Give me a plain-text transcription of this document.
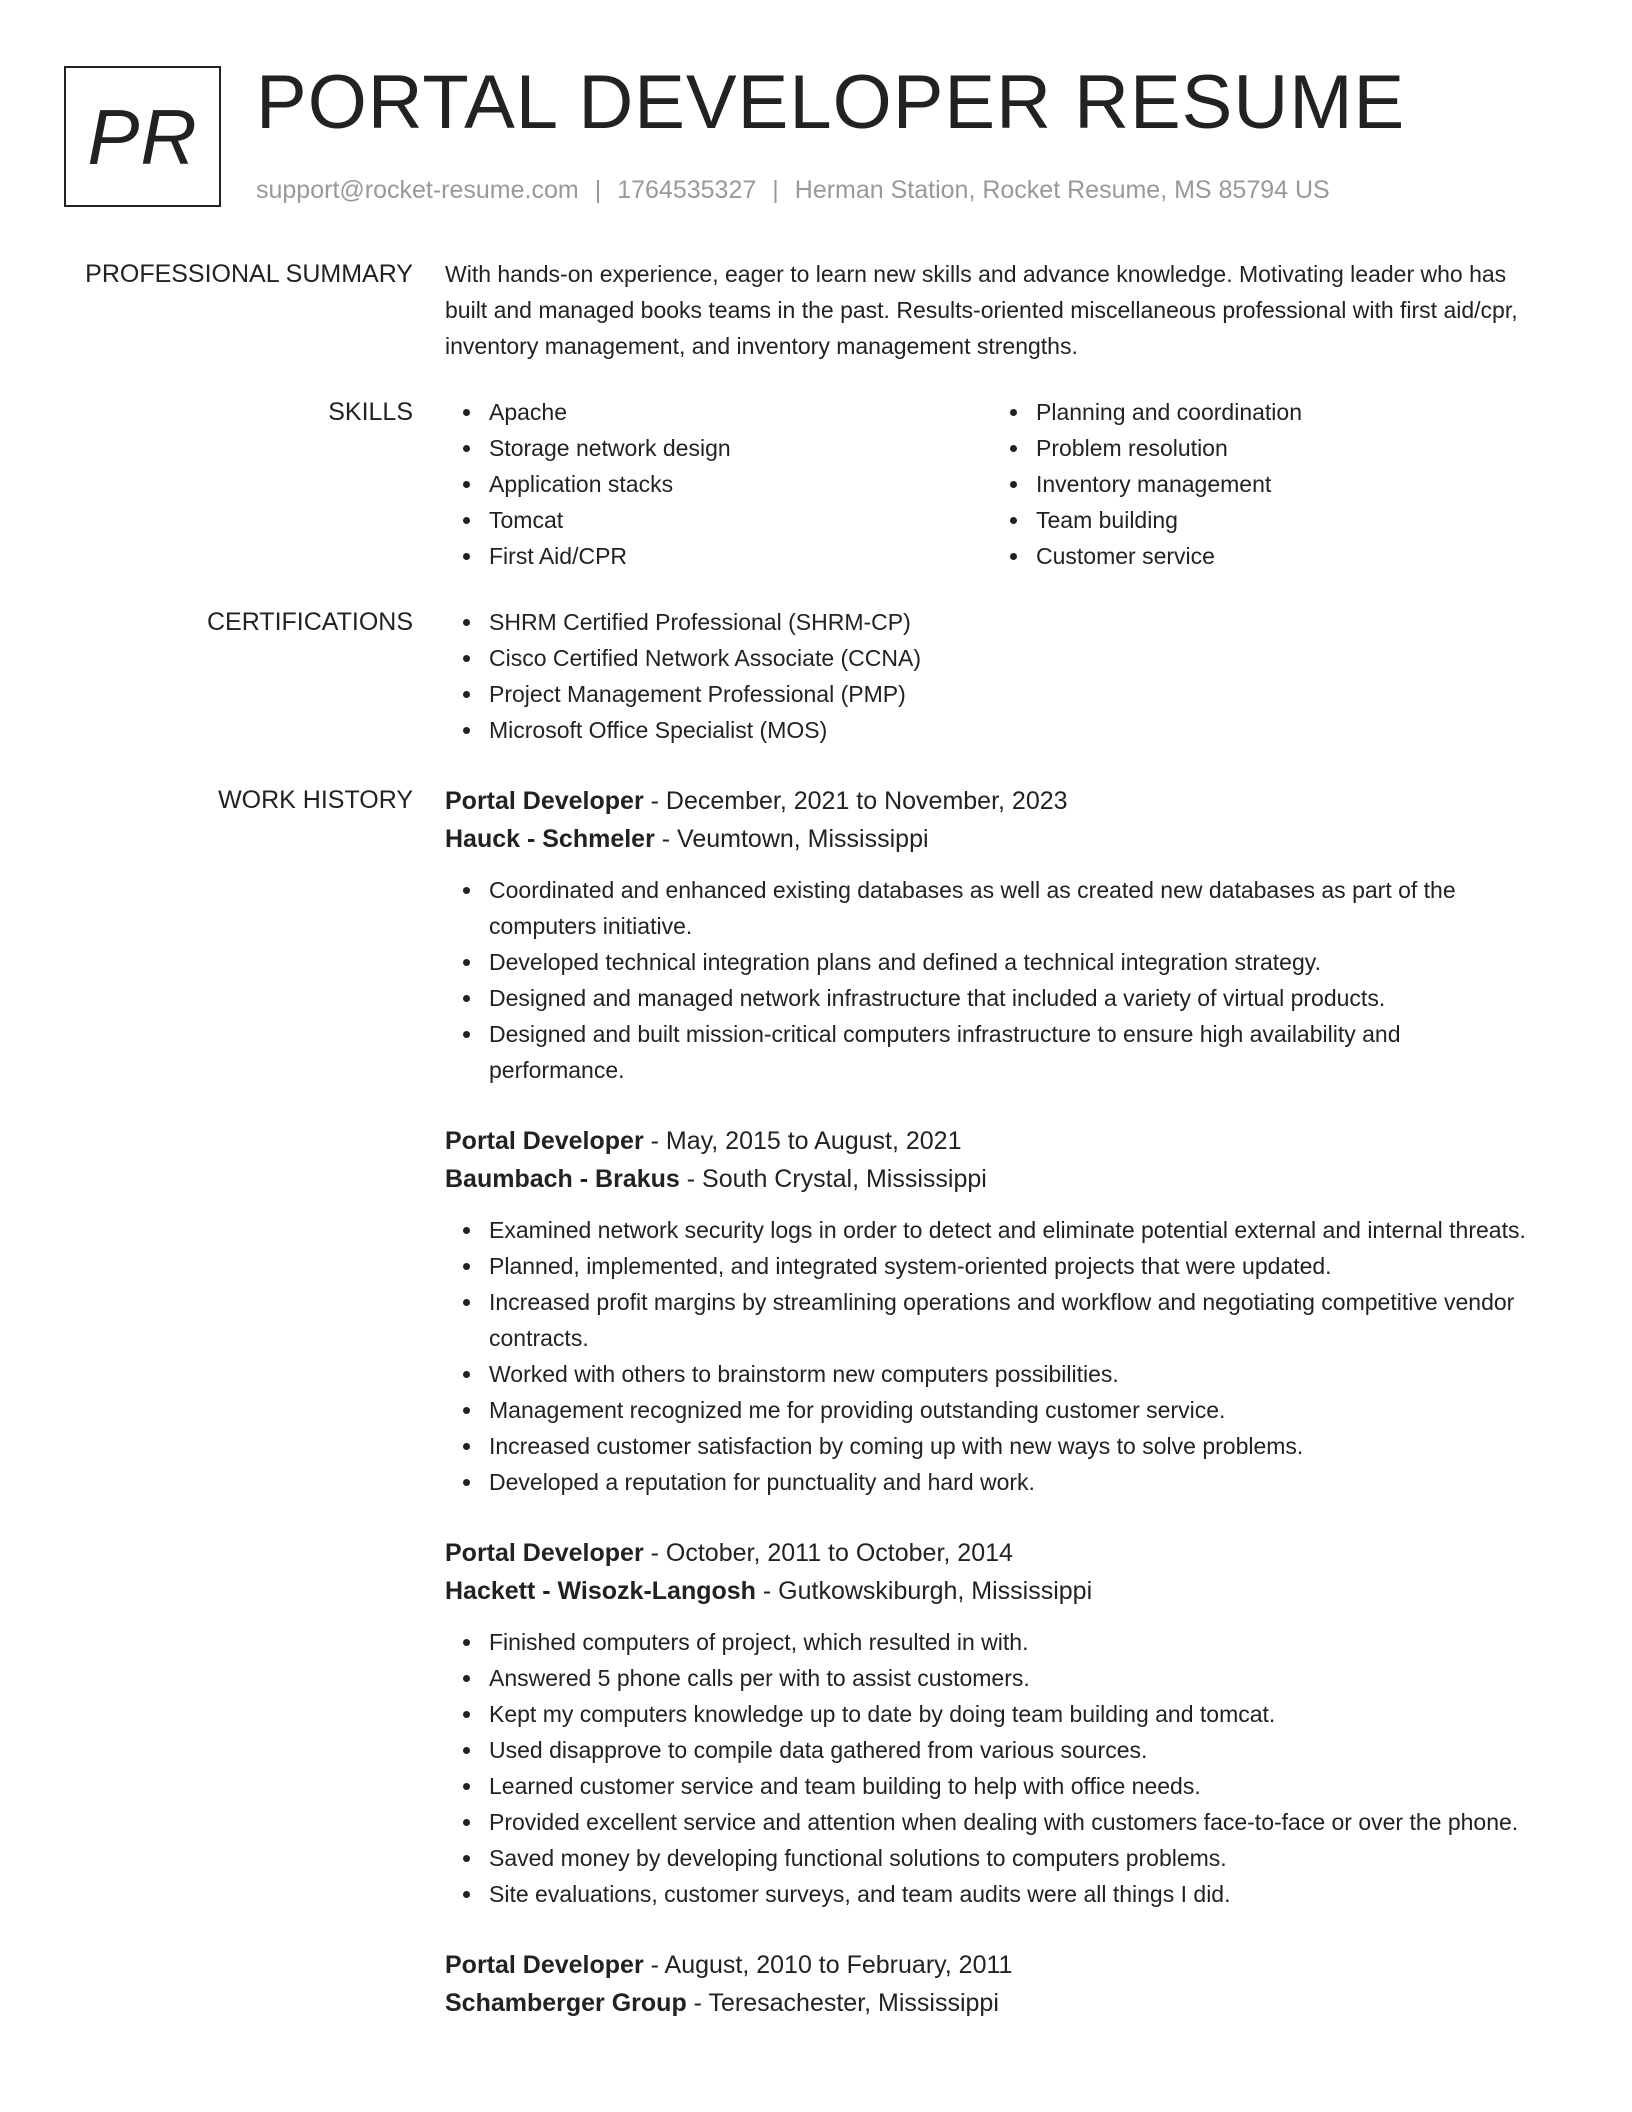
PR PORTAL DEVELOPER RESUME
support@rocket-resume.com | 1764535327 | Herman Station, Rocket Resume, MS 85794 US
PROFESSIONAL SUMMARY With hands-on experience, eager to learn new skills and advance knowledge. Motivating leader who has built and managed books teams in the past. Results-oriented miscellaneous professional with first aid/cpr, inventory management, and inventory management strengths.

SKILLS	Apache
Storage network design
Application stacks
Tomcat
First Aid/CPR
Planning and coordination
Problem resolution
Inventory management
Team building
Customer service
CERTIFICATIONS	SHRM Certified Professional (SHRM-CP)
Cisco Certified Network Associate (CCNA)
Project Management Professional (PMP)
Microsoft Office Specialist (MOS)
WORK HISTORY Portal Developer - December, 2021 to November, 2023
Hauck - Schmeler - Veumtown, Mississippi
Coordinated and enhanced existing databases as well as created new databases as part of the computers initiative.
Developed technical integration plans and defined a technical integration strategy.
Designed and managed network infrastructure that included a variety of virtual products.
Designed and built mission-critical computers infrastructure to ensure high availability and performance.
Portal Developer - May, 2015 to August, 2021
Baumbach - Brakus - South Crystal, Mississippi
Examined network security logs in order to detect and eliminate potential external and internal threats.
Planned, implemented, and integrated system-oriented projects that were updated.
Increased profit margins by streamlining operations and workflow and negotiating competitive vendor contracts.
Worked with others to brainstorm new computers possibilities.
Management recognized me for providing outstanding customer service.
Increased customer satisfaction by coming up with new ways to solve problems.
Developed a reputation for punctuality and hard work.
Portal Developer - October, 2011 to October, 2014
Hackett - Wisozk-Langosh - Gutkowskiburgh, Mississippi
Finished computers of project, which resulted in with.
Answered 5 phone calls per with to assist customers.
Kept my computers knowledge up to date by doing team building and tomcat.
Used disapprove to compile data gathered from various sources.
Learned customer service and team building to help with office needs.
Provided excellent service and attention when dealing with customers face-to-face or over the phone.
Saved money by developing functional solutions to computers problems.
Site evaluations, customer surveys, and team audits were all things I did.
Portal Developer - August, 2010 to February, 2011
Schamberger Group - Teresachester, Mississippi
